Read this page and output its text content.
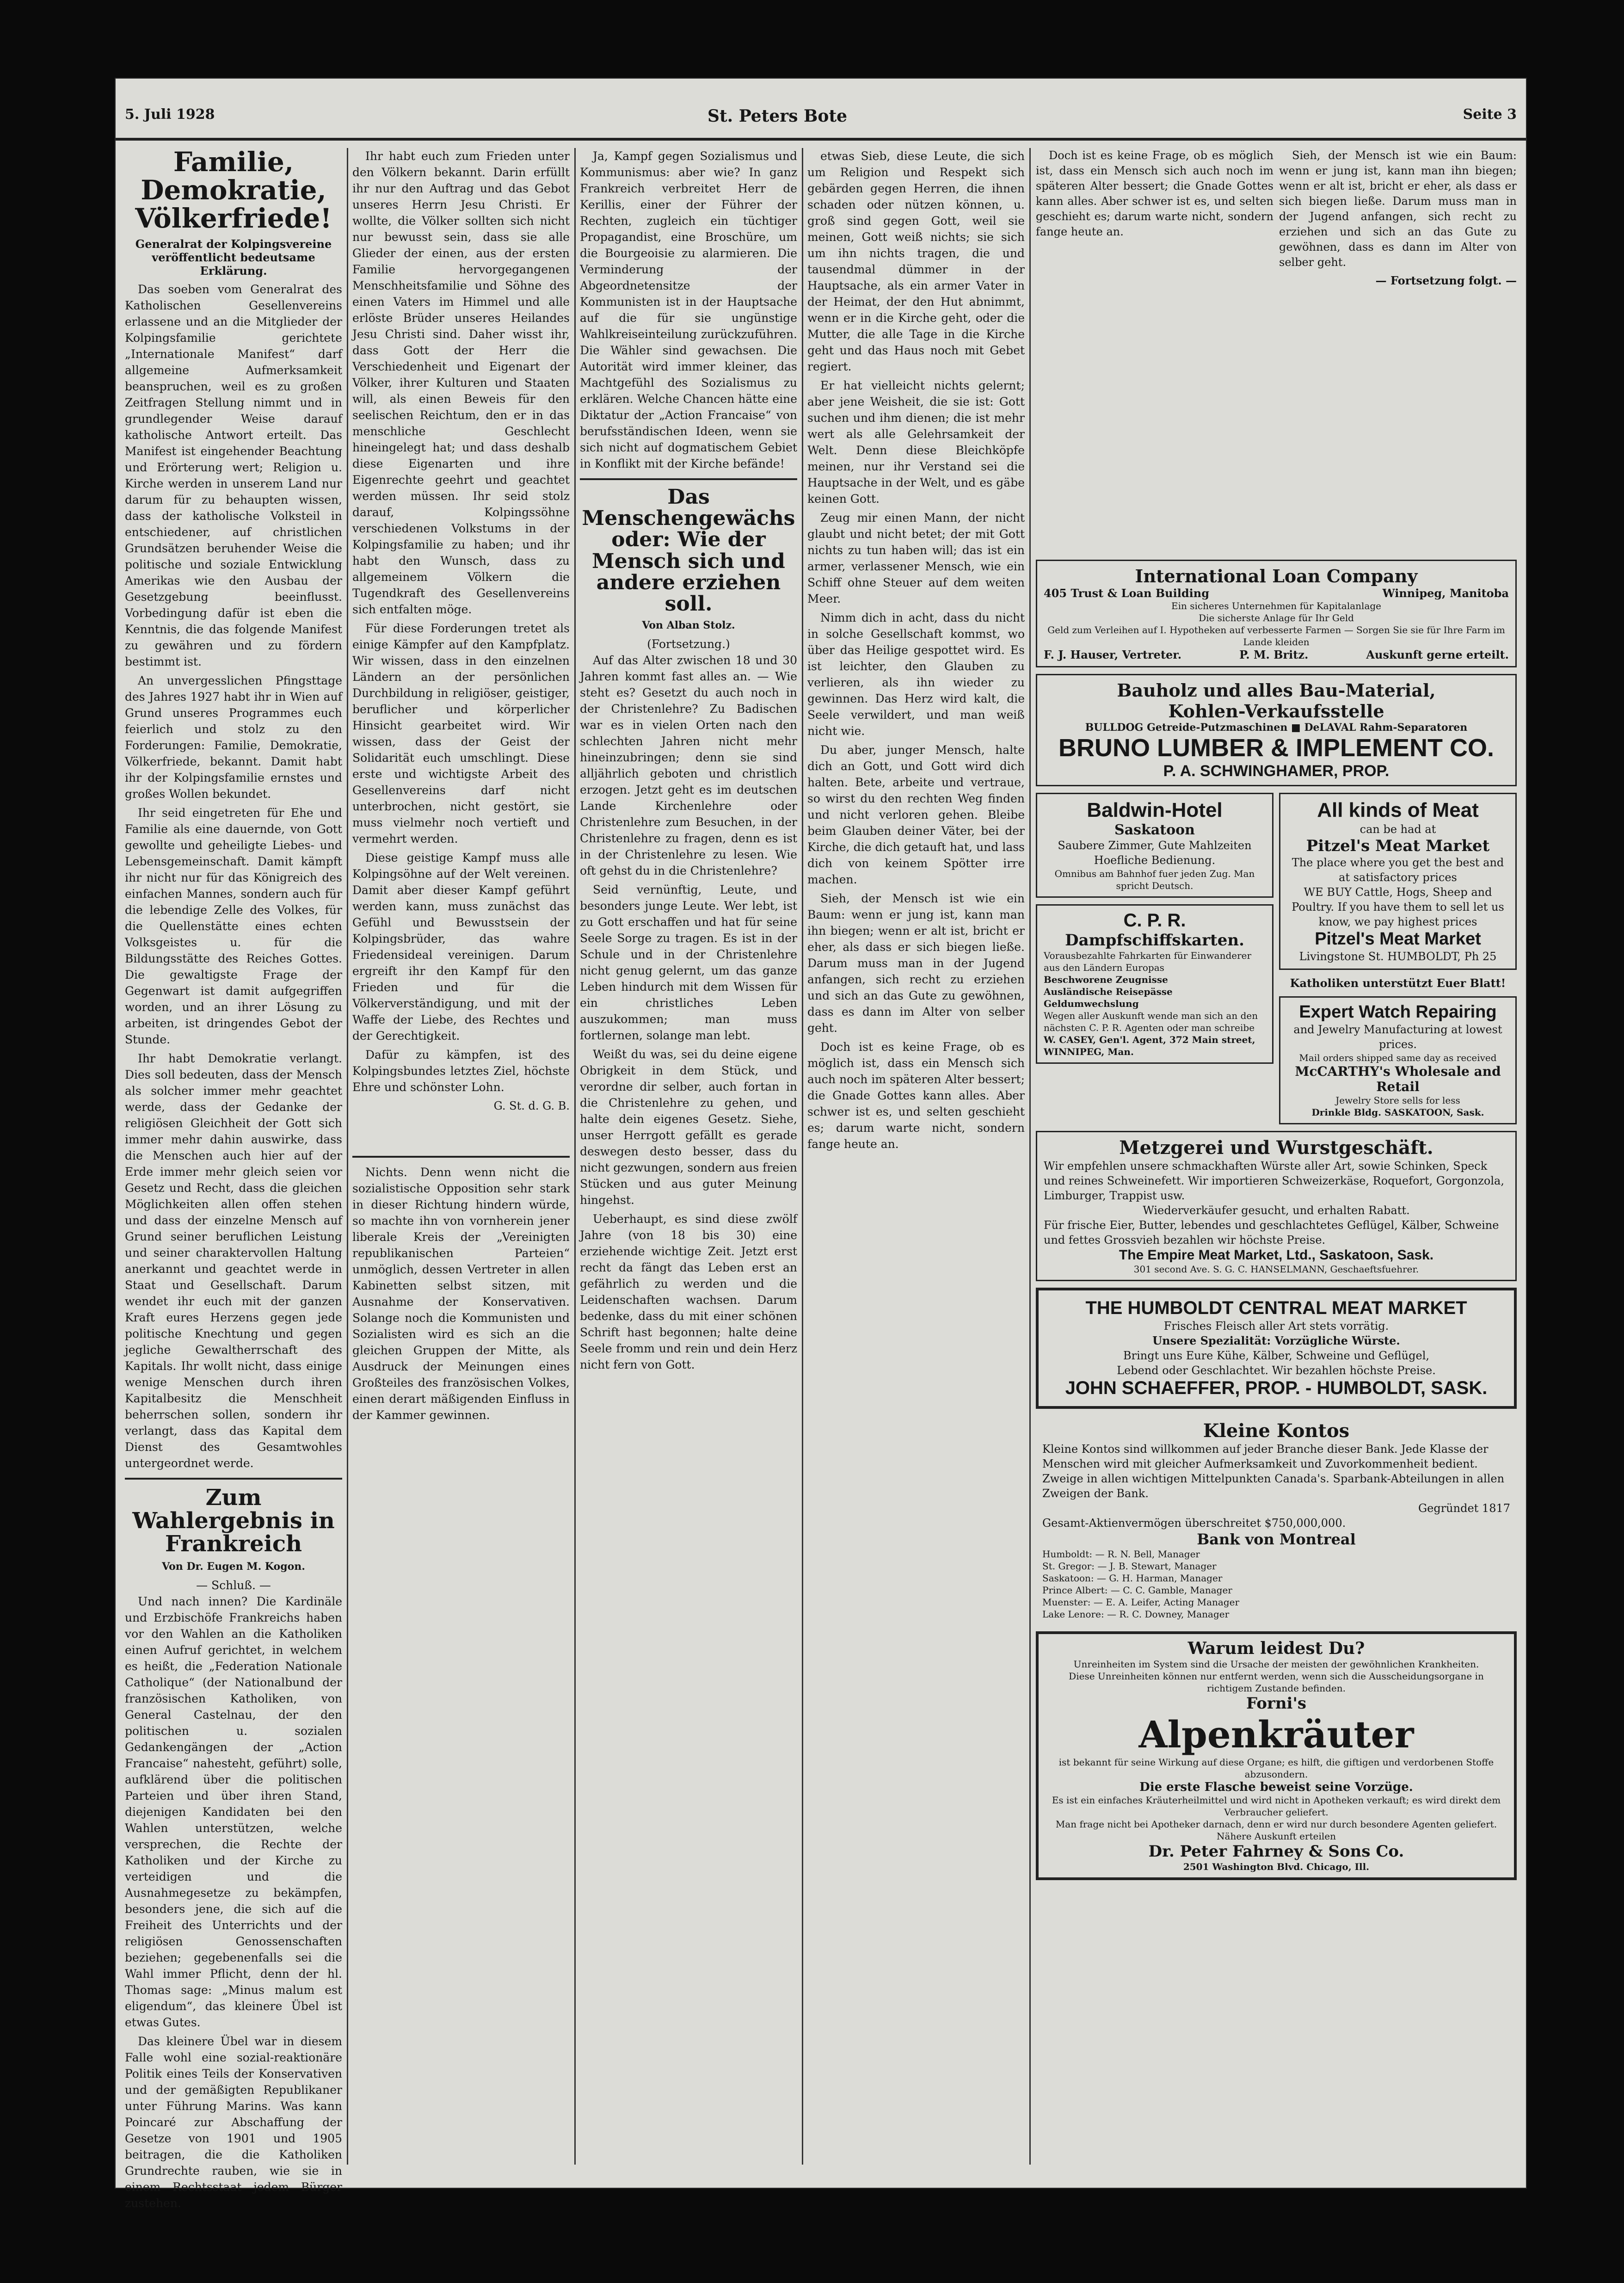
5. Juli 1928	St. Peters Bote	Seite 3
Familie, Demokratie, Völkerfriede!
Generalrat der Kolpingsvereine veröffentlicht bedeutsame Erklärung.

Das soeben vom Generalrat des Katholischen Gesellenvereins erlassene und an die Mitglieder der Kolpingsfamilie gerichtete „Internationale Manifest“ darf allgemeine Aufmerksamkeit beanspruchen, weil es zu großen Zeitfragen Stellung nimmt und in grundlegender Weise darauf katholische Antwort erteilt. Das Manifest ist eingehender Beachtung und Erörterung wert; Religion u. Kirche werden in unserem Land nur darum für zu behaupten wissen, dass der katholische Volksteil in entschiedener, auf christlichen Grundsätzen beruhender Weise die politische und soziale Entwicklung Amerikas wie den Ausbau der Gesetzgebung beeinflusst. Vorbedingung dafür ist eben die Kenntnis, die das folgende Manifest zu gewähren und zu fördern bestimmt ist.

An unvergesslichen Pfingsttage des Jahres 1927 habt ihr in Wien auf Grund unseres Programmes euch feierlich und stolz zu den Forderungen: Familie, Demokratie, Völkerfriede, bekannt. Damit habt ihr der Kolpingsfamilie ernstes und großes Wollen bekundet.

Ihr seid eingetreten für Ehe und Familie als eine dauernde, von Gott gewollte und geheiligte Liebes- und Lebensgemeinschaft. Damit kämpft ihr nicht nur für das Königreich des einfachen Mannes, sondern auch für die lebendige Zelle des Volkes, für die Quellenstätte eines echten Volksgeistes u. für die Bildungsstätte des Reiches Gottes. Die gewaltigste Frage der Gegenwart ist damit aufgegriffen worden, und an ihrer Lösung zu arbeiten, ist dringendes Gebot der Stunde.

Ihr habt Demokratie verlangt. Dies soll bedeuten, dass der Mensch als solcher immer mehr geachtet werde, dass der Gedanke der religiösen Gleichheit der Gott sich immer mehr dahin auswirke, dass die Menschen auch hier auf der Erde immer mehr gleich seien vor Gesetz und Recht, dass die gleichen Möglichkeiten allen offen stehen und dass der einzelne Mensch auf Grund seiner beruflichen Leistung und seiner charaktervollen Haltung anerkannt und geachtet werde in Staat und Gesellschaft. Darum wendet ihr euch mit der ganzen Kraft eures Herzens gegen jede politische Knechtung und gegen jegliche Gewaltherrschaft des Kapitals. Ihr wollt nicht, dass einige wenige Menschen durch ihren Kapitalbesitz die Menschheit beherrschen sollen, sondern ihr verlangt, dass das Kapital dem Dienst des Gesamtwohles untergeordnet werde.

Zum Wahlergebnis in Frankreich
Von Dr. Eugen M. Kogon.
— Schluß. —

Und nach innen? Die Kardinäle und Erzbischöfe Frankreichs haben vor den Wahlen an die Katholiken einen Aufruf gerichtet, in welchem es heißt, die „Federation Nationale Catholique“ (der Nationalbund der französischen Katholiken, von General Castelnau, der den politischen u. sozialen Gedankengängen der „Action Francaise“ nahesteht, geführt) solle, aufklärend über die politischen Parteien und über ihren Stand, diejenigen Kandidaten bei den Wahlen unterstützen, welche versprechen, die Rechte der Katholiken und der Kirche zu verteidigen und die Ausnahmegesetze zu bekämpfen, besonders jene, die sich auf die Freiheit des Unterrichts und der religiösen Genossenschaften beziehen; gegebenenfalls sei die Wahl immer Pflicht, denn der hl. Thomas sage: „Minus malum est eligendum“, das kleinere Übel ist etwas Gutes.

Das kleinere Übel war in diesem Falle wohl eine sozial-reaktionäre Politik eines Teils der Konservativen und der gemäßigten Republikaner unter Führung Marins. Was kann Poincaré zur Abschaffung der Gesetze von 1901 und 1905 beitragen, die die Katholiken Grundrechte rauben, wie sie in einem Rechtsstaat jedem Bürger zustehen.

Ihr habt euch zum Frieden unter den Völkern bekannt. Darin erfüllt ihr nur den Auftrag und das Gebot unseres Herrn Jesu Christi. Er wollte, die Völker sollten sich nicht nur bewusst sein, dass sie alle Glieder der einen, aus der ersten Familie hervorgegangenen Menschheitsfamilie und Söhne des einen Vaters im Himmel und alle erlöste Brüder unseres Heilandes Jesu Christi sind. Daher wisst ihr, dass Gott der Herr die Verschiedenheit und Eigenart der Völker, ihrer Kulturen und Staaten will, als einen Beweis für den seelischen Reichtum, den er in das menschliche Geschlecht hineingelegt hat; und dass deshalb diese Eigenarten und ihre Eigenrechte geehrt und geachtet werden müssen. Ihr seid stolz darauf, Kolpingssöhne verschiedenen Volkstums in der Kolpingsfamilie zu haben; und ihr habt den Wunsch, dass zu allgemeinem Völkern die Tugendkraft des Gesellenvereins sich entfalten möge.

Für diese Forderungen tretet als einige Kämpfer auf den Kampfplatz. Wir wissen, dass in den einzelnen Ländern an der persönlichen Durchbildung in religiöser, geistiger, beruflicher und körperlicher Hinsicht gearbeitet wird. Wir wissen, dass der Geist der Solidarität euch umschlingt. Diese erste und wichtigste Arbeit des Gesellenvereins darf nicht unterbrochen, nicht gestört, sie muss vielmehr noch vertieft und vermehrt werden.

Diese geistige Kampf muss alle Kolpingsöhne auf der Welt vereinen. Damit aber dieser Kampf geführt werden kann, muss zunächst das Gefühl und Bewusstsein der Kolpingsbrüder, das wahre Friedensideal vereinigen. Darum ergreift ihr den Kampf für den Frieden und für die Völkerverständigung, und mit der Waffe der Liebe, des Rechtes und der Gerechtigkeit.

Dafür zu kämpfen, ist des Kolpingsbundes letztes Ziel, höchste Ehre und schönster Lohn.

G. St. d. G. B.

Nichts. Denn wenn nicht die sozialistische Opposition sehr stark in dieser Richtung hindern würde, so machte ihn von vornherein jener liberale Kreis der „Vereinigten republikanischen Parteien“ unmöglich, dessen Vertreter in allen Kabinetten selbst sitzen, mit Ausnahme der Konservativen. Solange noch die Kommunisten und Sozialisten wird es sich an die gleichen Gruppen der Mitte, als Ausdruck der Meinungen eines Großteiles des französischen Volkes, einen derart mäßigenden Einfluss in der Kammer gewinnen.

Ja, Kampf gegen Sozialismus und Kommunismus: aber wie? In ganz Frankreich verbreitet Herr de Kerillis, einer der Führer der Rechten, zugleich ein tüchtiger Propagandist, eine Broschüre, um die Bourgeoisie zu alarmieren. Die Verminderung der Abgeordnetensitze der Kommunisten ist in der Hauptsache auf die für sie ungünstige Wahlkreiseinteilung zurückzuführen. Die Wähler sind gewachsen. Die Autorität wird immer kleiner, das Machtgefühl des Sozialismus zu erklären. Welche Chancen hätte eine Diktatur der „Action Francaise“ von berufsständischen Ideen, wenn sie sich nicht auf dogmatischem Gebiet in Konflikt mit der Kirche befände!

Das Menschengewächs oder: Wie der Mensch sich und andere erziehen soll.
Von Alban Stolz.
(Fortsetzung.)

Auf das Alter zwischen 18 und 30 Jahren kommt fast alles an. — Wie steht es? Gesetzt du auch noch in der Christenlehre? Zu Badischen war es in vielen Orten nach den schlechten Jahren nicht mehr hineinzubringen; denn sie sind alljährlich geboten und christlich erzogen. Jetzt geht es im deutschen Lande Kirchenlehre oder Christenlehre zum Besuchen, in der Christenlehre zu fragen, denn es ist in der Christenlehre zu lesen. Wie oft gehst du in die Christenlehre?

Seid vernünftig, Leute, und besonders junge Leute. Wer lebt, ist zu Gott erschaffen und hat für seine Seele Sorge zu tragen. Es ist in der Schule und in der Christenlehre nicht genug gelernt, um das ganze Leben hindurch mit dem Wissen für ein christliches Leben auszukommen; man muss fortlernen, solange man lebt.

Weißt du was, sei du deine eigene Obrigkeit in dem Stück, und verordne dir selber, auch fortan in die Christenlehre zu gehen, und halte dein eigenes Gesetz. Siehe, unser Herrgott gefällt es gerade deswegen desto besser, dass du nicht gezwungen, sondern aus freien Stücken und aus guter Meinung hingehst.

Ueberhaupt, es sind diese zwölf Jahre (von 18 bis 30) eine erziehende wichtige Zeit. Jetzt erst recht da fängt das Leben erst an gefährlich zu werden und die Leidenschaften wachsen. Darum bedenke, dass du mit einer schönen Schrift hast begonnen; halte deine Seele fromm und rein und dein Herz nicht fern von Gott.

etwas Sieb, diese Leute, die sich um Religion und Respekt sich gebärden gegen Herren, die ihnen schaden oder nützen können, u. groß sind gegen Gott, weil sie meinen, Gott weiß nichts; sie sich um ihn nichts tragen, die und tausendmal dümmer in der Hauptsache, als ein armer Vater in der Heimat, der den Hut abnimmt, wenn er in die Kirche geht, oder die Mutter, die alle Tage in die Kirche geht und das Haus noch mit Gebet regiert.

Er hat vielleicht nichts gelernt; aber jene Weisheit, die sie ist: Gott suchen und ihm dienen; die ist mehr wert als alle Gelehrsamkeit der Welt. Denn diese Bleichköpfe meinen, nur ihr Verstand sei die Hauptsache in der Welt, und es gäbe keinen Gott.

Zeug mir einen Mann, der nicht glaubt und nicht betet; der mit Gott nichts zu tun haben will; das ist ein armer, verlassener Mensch, wie ein Schiff ohne Steuer auf dem weiten Meer.

Nimm dich in acht, dass du nicht in solche Gesellschaft kommst, wo über das Heilige gespottet wird. Es ist leichter, den Glauben zu verlieren, als ihn wieder zu gewinnen. Das Herz wird kalt, die Seele verwildert, und man weiß nicht wie.

Du aber, junger Mensch, halte dich an Gott, und Gott wird dich halten. Bete, arbeite und vertraue, so wirst du den rechten Weg finden und nicht verloren gehen. Bleibe beim Glauben deiner Väter, bei der Kirche, die dich getauft hat, und lass dich von keinem Spötter irre machen.

Sieh, der Mensch ist wie ein Baum: wenn er jung ist, kann man ihn biegen; wenn er alt ist, bricht er eher, als dass er sich biegen ließe. Darum muss man in der Jugend anfangen, sich recht zu erziehen und sich an das Gute zu gewöhnen, dass es dann im Alter von selber geht.

Doch ist es keine Frage, ob es möglich ist, dass ein Mensch sich auch noch im späteren Alter bessert; die Gnade Gottes kann alles. Aber schwer ist es, und selten geschieht es; darum warte nicht, sondern fange heute an.

Doch ist es keine Frage, ob es möglich ist, dass ein Mensch sich auch noch im späteren Alter bessert; die Gnade Gottes kann alles. Aber schwer ist es, und selten geschieht es; darum warte nicht, sondern fange heute an.

Sieh, der Mensch ist wie ein Baum: wenn er jung ist, kann man ihn biegen; wenn er alt ist, bricht er eher, als dass er sich biegen ließe. Darum muss man in der Jugend anfangen, sich recht zu erziehen und sich an das Gute zu gewöhnen, dass es dann im Alter von selber geht.

— Fortsetzung folgt. —
International Loan Company
405 Trust & Loan Building	Winnipeg, Manitoba
Ein sicheres Unternehmen für Kapitalanlage
Die sicherste Anlage für Ihr Geld
Geld zum Verleihen auf I. Hypotheken auf verbesserte Farmen — Sorgen Sie sie für Ihre Farm im Lande kleiden
F. J. Hauser, Vertreter.	P. M. Britz.	Auskunft gerne erteilt.
Bauholz und alles Bau-Material,
Kohlen-Verkaufsstelle
BULLDOG Getreide-Putzmaschinen ■ DeLAVAL Rahm-Separatoren
BRUNO LUMBER & IMPLEMENT CO.
P. A. SCHWINGHAMER, PROP.
Baldwin-Hotel
Saskatoon
Saubere Zimmer, Gute Mahlzeiten
Hoefliche Bedienung.
Omnibus am Bahnhof fuer jeden Zug. Man spricht Deutsch.
C. P. R.
Dampfschiffskarten.
Vorausbezahlte Fahrkarten für Einwanderer aus den Ländern Europas
Beschworene Zeugnisse
Ausländische Reisepässe
Geldumwechslung
Wegen aller Auskunft wende man sich an den nächsten C. P. R. Agenten oder man schreibe
W. CASEY, Gen'l. Agent, 372 Main street, WINNIPEG, Man.
All kinds of Meat
can be had at
Pitzel's Meat Market
The place where you get the best and at satisfactory prices
WE BUY Cattle, Hogs, Sheep and Poultry. If you have them to sell let us know, we pay highest prices
Pitzel's Meat Market
Livingstone St. HUMBOLDT, Ph 25
Katholiken unterstützt Euer Blatt!
Expert Watch Repairing
and Jewelry Manufacturing at lowest prices.
Mail orders shipped same day as received
McCARTHY's Wholesale and Retail
Jewelry Store sells for less
Drinkle Bldg. SASKATOON, Sask.
Metzgerei und Wurstgeschäft.
Wir empfehlen unsere schmackhaften Würste aller Art, sowie Schinken, Speck und reines Schweinefett. Wir importieren Schweizerkäse, Roquefort, Gorgonzola, Limburger, Trappist usw.
Wiederverkäufer gesucht, und erhalten Rabatt.
Für frische Eier, Butter, lebendes und geschlachtetes Geflügel, Kälber, Schweine und fettes Grossvieh bezahlen wir höchste Preise.
The Empire Meat Market, Ltd., Saskatoon, Sask.
301 second Ave. S. G. C. HANSELMANN, Geschaeftsfuehrer.
THE HUMBOLDT CENTRAL MEAT MARKET
Frisches Fleisch aller Art stets vorrätig.
Unsere Spezialität: Vorzügliche Würste.
Bringt uns Eure Kühe, Kälber, Schweine und Geflügel,
Lebend oder Geschlachtet. Wir bezahlen höchste Preise.
JOHN SCHAEFFER, PROP. - HUMBOLDT, SASK.
Kleine Kontos
Kleine Kontos sind willkommen auf jeder Branche dieser Bank. Jede Klasse der Menschen wird mit gleicher Aufmerksamkeit und Zuvorkommenheit bedient.
Zweige in allen wichtigen Mittelpunkten Canada's. Sparbank-Abteilungen in allen Zweigen der Bank.
Gegründet 1817
Gesamt-Aktienvermögen überschreitet $750,000,000.
Bank von Montreal
Humboldt: — R. N. Bell, Manager
St. Gregor: — J. B. Stewart, Manager
Saskatoon: — G. H. Harman, Manager
Prince Albert: — C. C. Gamble, Manager
Muenster: — E. A. Leifer, Acting Manager
Lake Lenore: — R. C. Downey, Manager
Warum leidest Du?
Unreinheiten im System sind die Ursache der meisten der gewöhnlichen Krankheiten.
Diese Unreinheiten können nur entfernt werden, wenn sich die Ausscheidungsorgane in richtigem Zustande befinden.
Forni's
Alpenkräuter
ist bekannt für seine Wirkung auf diese Organe; es hilft, die giftigen und verdorbenen Stoffe abzusondern.
Die erste Flasche beweist seine Vorzüge.
Es ist ein einfaches Kräuterheilmittel und wird nicht in Apotheken verkauft; es wird direkt dem Verbraucher geliefert.
Man frage nicht bei Apotheker darnach, denn er wird nur durch besondere Agenten geliefert. Nähere Auskunft erteilen
Dr. Peter Fahrney & Sons Co.
2501 Washington Blvd. Chicago, Ill.
